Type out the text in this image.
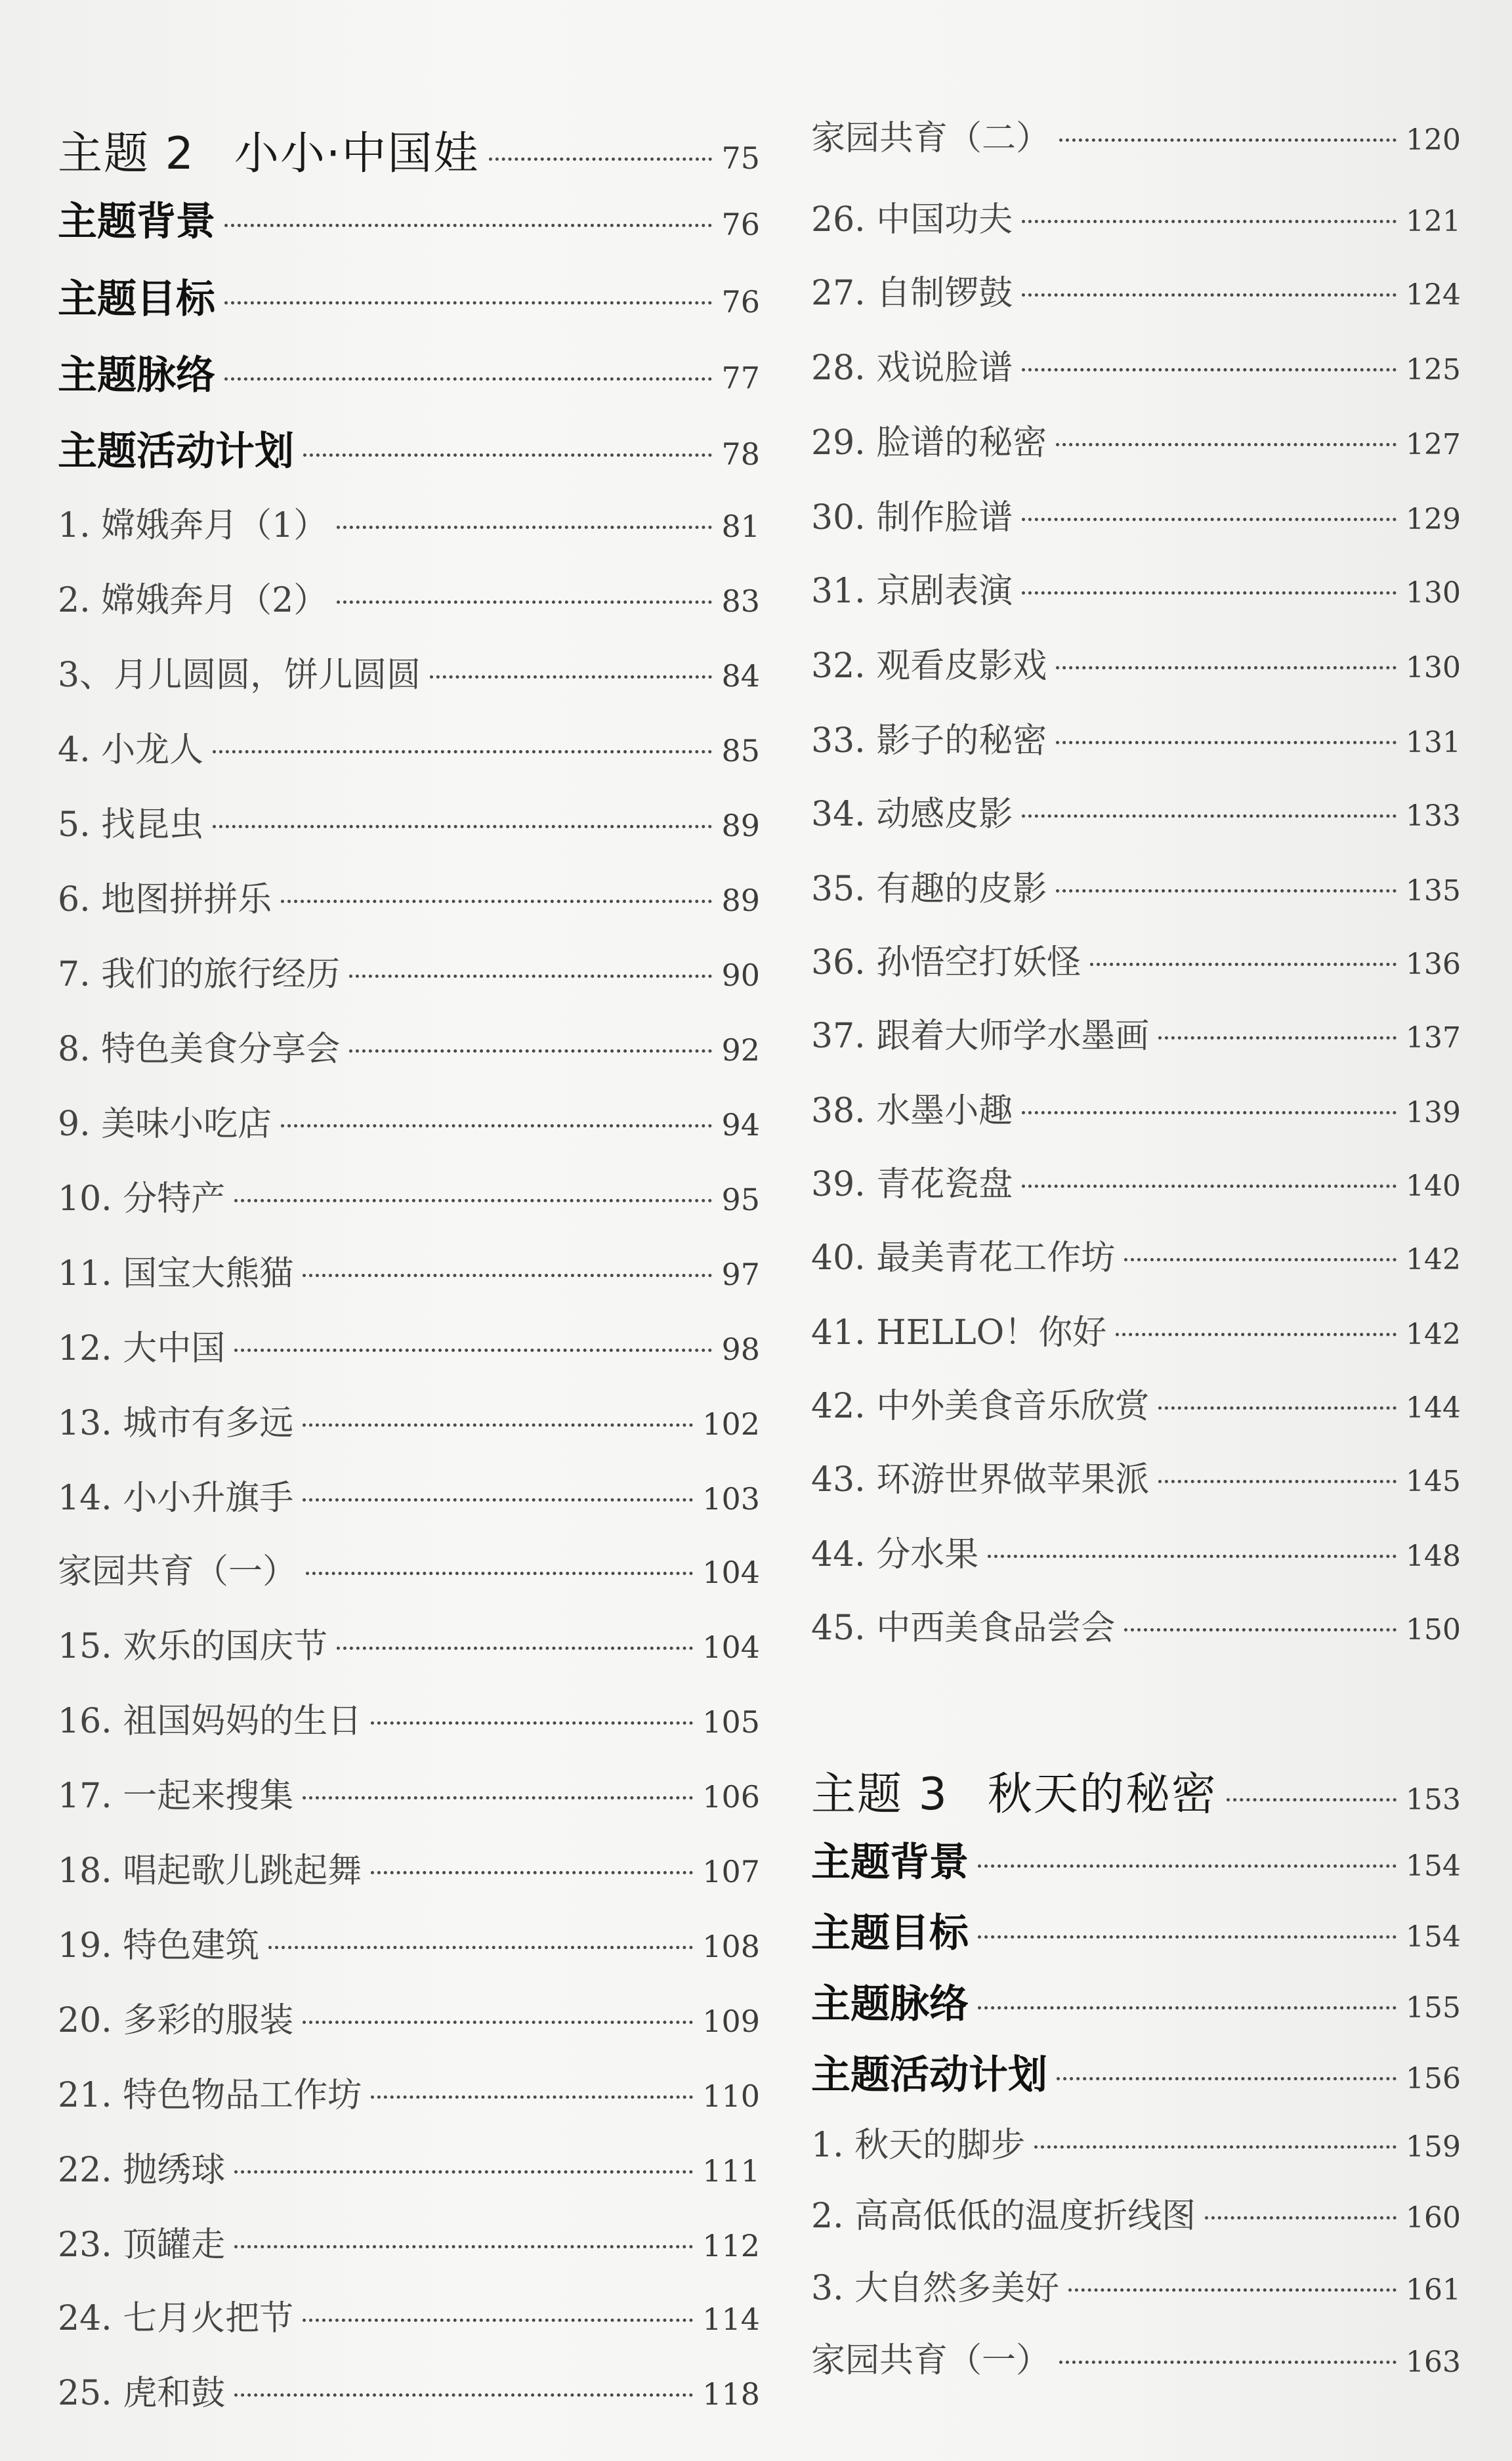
主题 2 小小·中国娃	75
主题背景	76
主题目标	76
主题脉络	77
主题活动计划	78
1. 嫦娥奔月（1）	81
2. 嫦娥奔月（2）	83
3、月儿圆圆，饼儿圆圆	84
4. 小龙人	85
5. 找昆虫	89
6. 地图拼拼乐	89
7. 我们的旅行经历	90
8. 特色美食分享会	92
9. 美味小吃店	94
10. 分特产	95
11. 国宝大熊猫	97
12. 大中国	98
13. 城市有多远	102
14. 小小升旗手	103
家园共育（一）	104
15. 欢乐的国庆节	104
16. 祖国妈妈的生日	105
17. 一起来搜集	106
18. 唱起歌儿跳起舞	107
19. 特色建筑	108
20. 多彩的服装	109
21. 特色物品工作坊	110
22. 抛绣球	111
23. 顶罐走	112
24. 七月火把节	114
25. 虎和鼓	118
家园共育（二）	120
26. 中国功夫	121
27. 自制锣鼓	124
28. 戏说脸谱	125
29. 脸谱的秘密	127
30. 制作脸谱	129
31. 京剧表演	130
32. 观看皮影戏	130
33. 影子的秘密	131
34. 动感皮影	133
35. 有趣的皮影	135
36. 孙悟空打妖怪	136
37. 跟着大师学水墨画	137
38. 水墨小趣	139
39. 青花瓷盘	140
40. 最美青花工作坊	142
41. HELLO！你好	142
42. 中外美食音乐欣赏	144
43. 环游世界做苹果派	145
44. 分水果	148
45. 中西美食品尝会	150
主题 3 秋天的秘密	153
主题背景	154
主题目标	154
主题脉络	155
主题活动计划	156
1. 秋天的脚步	159
2. 高高低低的温度折线图	160
3. 大自然多美好	161
家园共育（一）	163
